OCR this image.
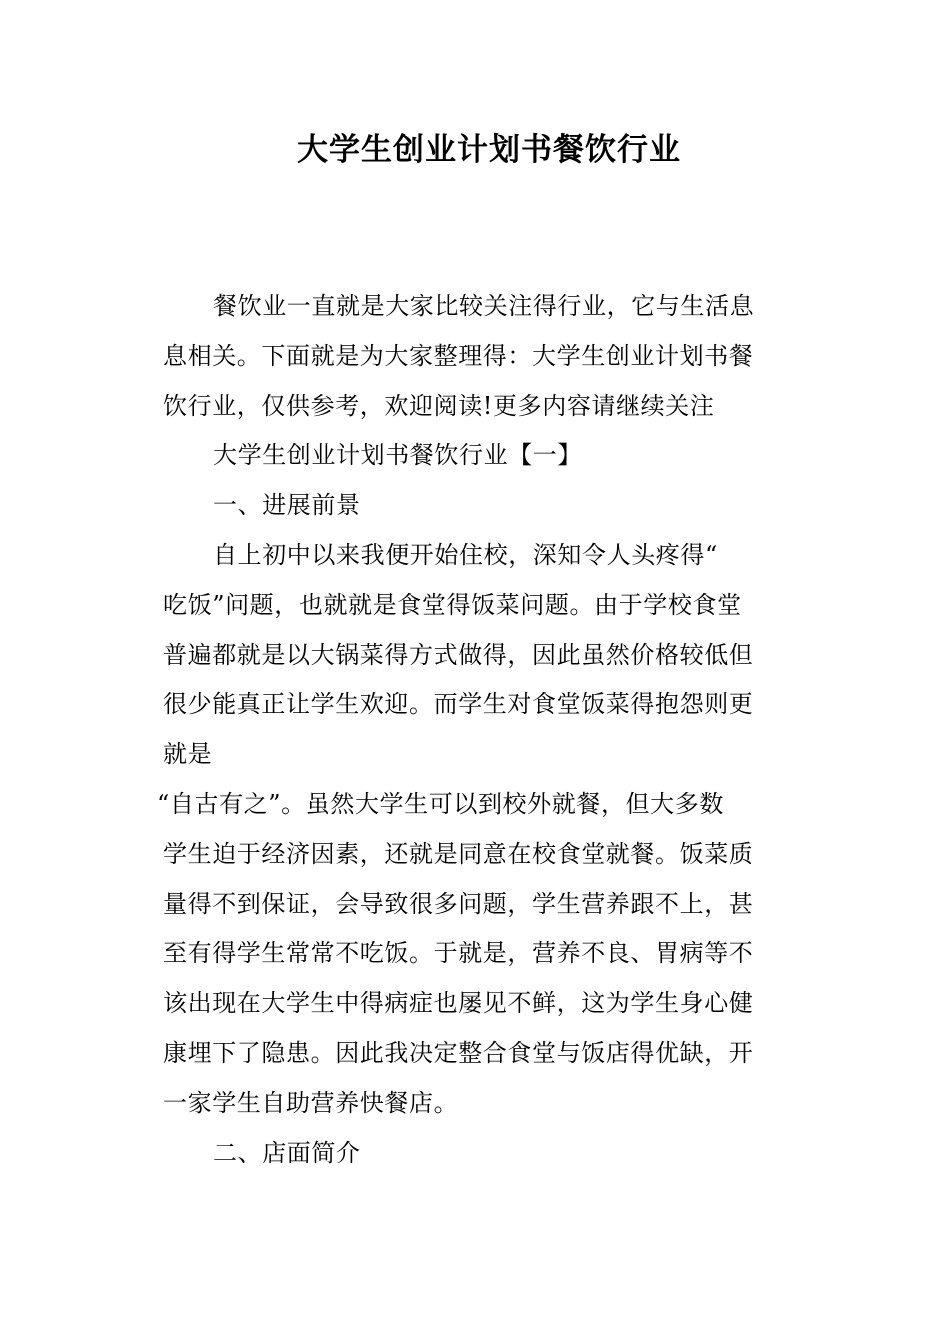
大学生创业计划书餐饮行业
餐饮业一直就是大家比较关注得行业，它与生活息
息相关。下面就是为大家整理得：大学生创业计划书餐
饮行业，仅供参考，欢迎阅读!更多内容请继续关注
大学生创业计划书餐饮行业【一】
一、进展前景
自上初中以来我便开始住校，深知令人头疼得“
吃饭”问题，也就就是食堂得饭菜问题。由于学校食堂
普遍都就是以大锅菜得方式做得，因此虽然价格较低但
很少能真正让学生欢迎。而学生对食堂饭菜得抱怨则更
就是
“自古有之”。虽然大学生可以到校外就餐，但大多数
学生迫于经济因素，还就是同意在校食堂就餐。饭菜质
量得不到保证，会导致很多问题，学生营养跟不上，甚
至有得学生常常不吃饭。于就是，营养不良、胃病等不
该出现在大学生中得病症也屡见不鲜，这为学生身心健
康埋下了隐患。因此我决定整合食堂与饭店得优缺，开
一家学生自助营养快餐店。
二、店面简介
